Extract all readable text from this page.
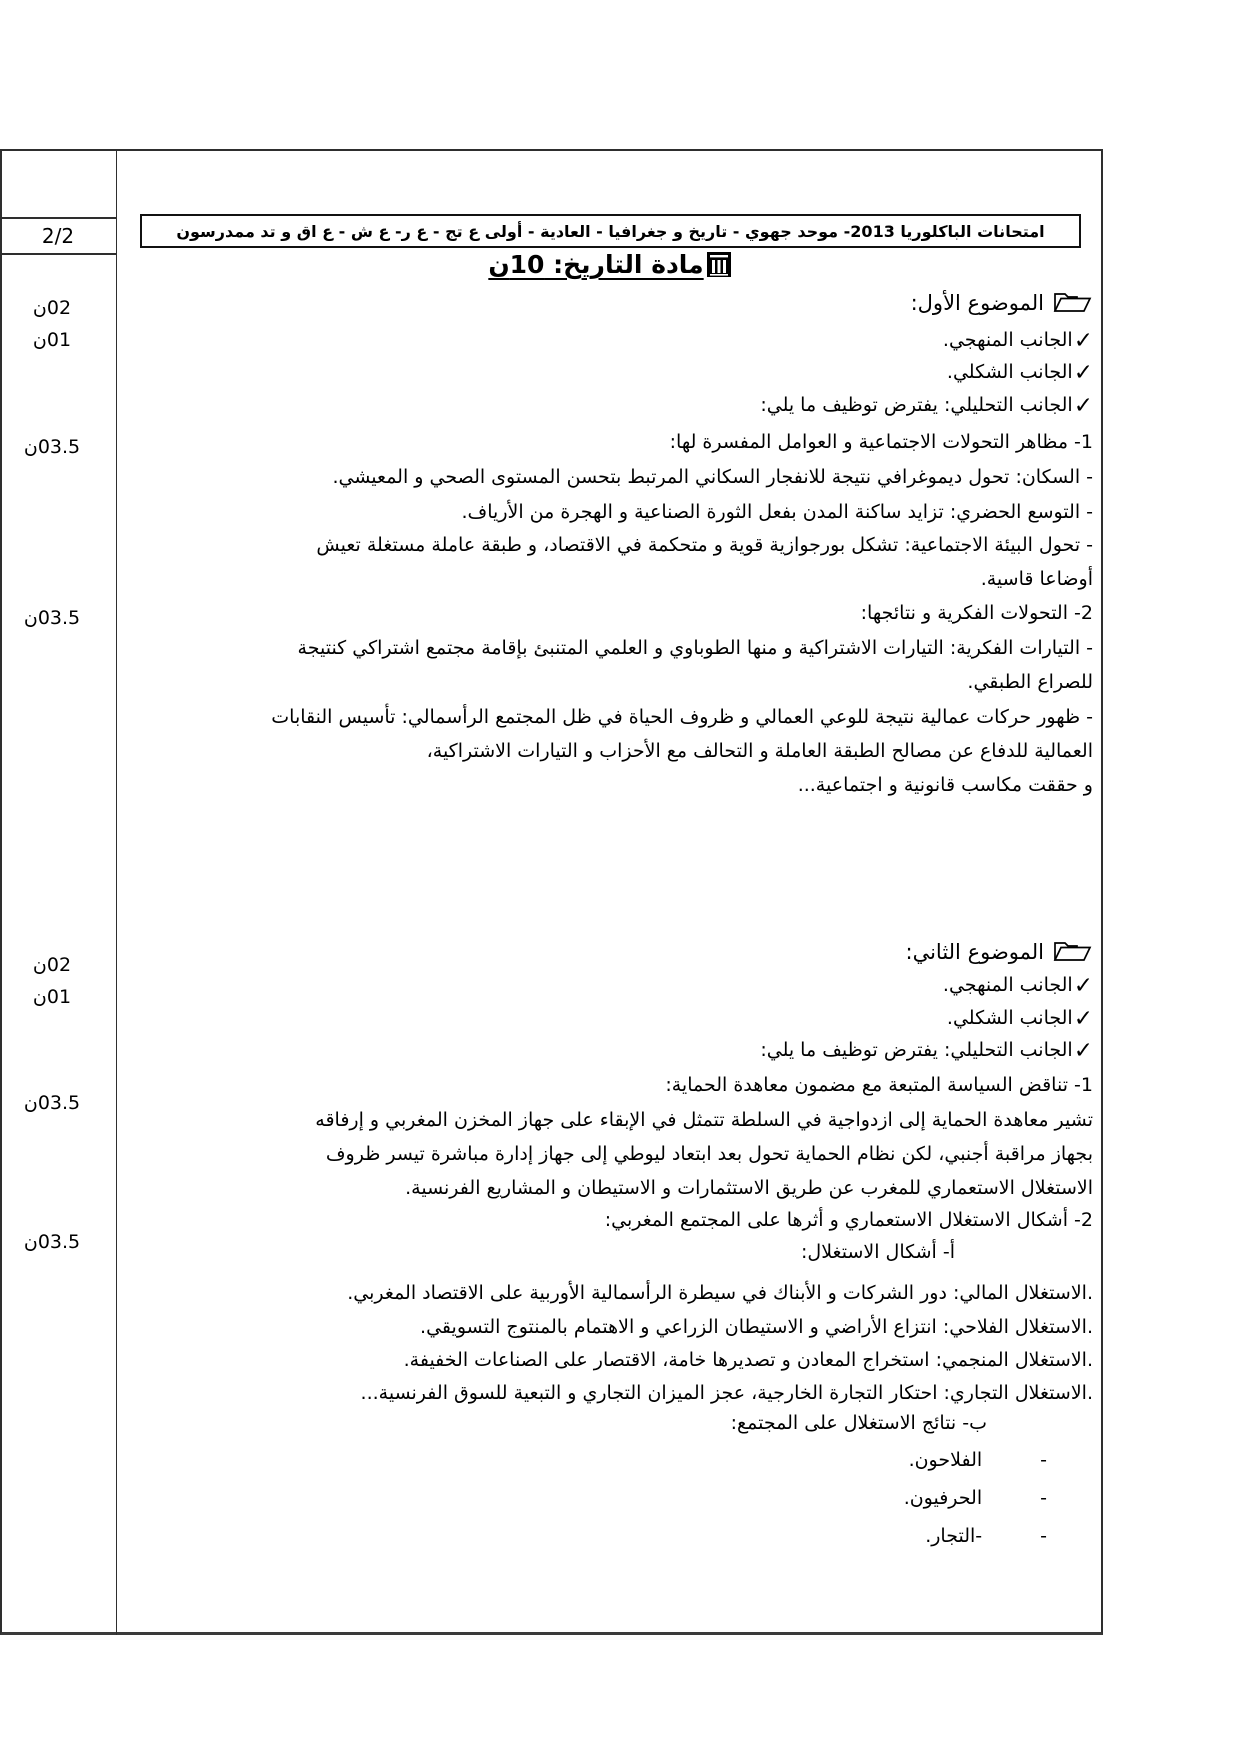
2/2
02ن
01ن
03.5ن
03.5ن
02ن
01ن
03.5ن
03.5ن
امتحانات الباكلوريا 2013- موحد جهوي - تاريخ و جغرافيا - العادية - أولى ع تج - ع ر- ع ش - ع اق و تد ممدرسون
مادة التاريخ: 10ن
الموضوع الأول:
✓الجانب المنهجي.
✓الجانب الشكلي.
✓الجانب التحليلي: يفترض توظيف ما يلي:
1- مظاهر التحولات الاجتماعية و العوامل المفسرة لها:
- السكان: تحول ديموغرافي نتيجة للانفجار السكاني المرتبط بتحسن المستوى الصحي و المعيشي.
- التوسع الحضري: تزايد ساكنة المدن بفعل الثورة الصناعية و الهجرة من الأرياف.
- تحول البيئة الاجتماعية: تشكل بورجوازية قوية و متحكمة في الاقتصاد، و طبقة عاملة مستغلة تعيش
أوضاعا قاسية.
2- التحولات الفكرية و نتائجها:
- التيارات الفكرية: التيارات الاشتراكية و منها الطوباوي و العلمي المتنبئ بإقامة مجتمع اشتراكي كنتيجة
للصراع الطبقي.
- ظهور حركات عمالية نتيجة للوعي العمالي و ظروف الحياة في ظل المجتمع الرأسمالي: تأسيس النقابات
العمالية للدفاع عن مصالح الطبقة العاملة و التحالف مع الأحزاب و التيارات الاشتراكية،
و حققت مكاسب قانونية و اجتماعية...
الموضوع الثاني:
✓الجانب المنهجي.
✓الجانب الشكلي.
✓الجانب التحليلي: يفترض توظيف ما يلي:
1- تناقض السياسة المتبعة مع مضمون معاهدة الحماية:
تشير معاهدة الحماية إلى ازدواجية في السلطة تتمثل في الإبقاء على جهاز المخزن المغربي و إرفاقه
بجهاز مراقبة أجنبي، لكن نظام الحماية تحول بعد ابتعاد ليوطي إلى جهاز إدارة مباشرة تيسر ظروف
الاستغلال الاستعماري للمغرب عن طريق الاستثمارات و الاستيطان و المشاريع الفرنسية.
2- أشكال الاستغلال الاستعماري و أثرها على المجتمع المغربي:
أ- أشكال الاستغلال:
.الاستغلال المالي: دور الشركات و الأبناك في سيطرة الرأسمالية الأوربية على الاقتصاد المغربي.
.الاستغلال الفلاحي: انتزاع الأراضي و الاستيطان الزراعي و الاهتمام بالمنتوج التسويقي.
.الاستغلال المنجمي: استخراج المعادن و تصديرها خامة، الاقتصار على الصناعات الخفيفة.
.الاستغلال التجاري: احتكار التجارة الخارجية، عجز الميزان التجاري و التبعية للسوق الفرنسية...
ب- نتائج الاستغلال على المجتمع:
-الفلاحون.
-الحرفيون.
--التجار.
